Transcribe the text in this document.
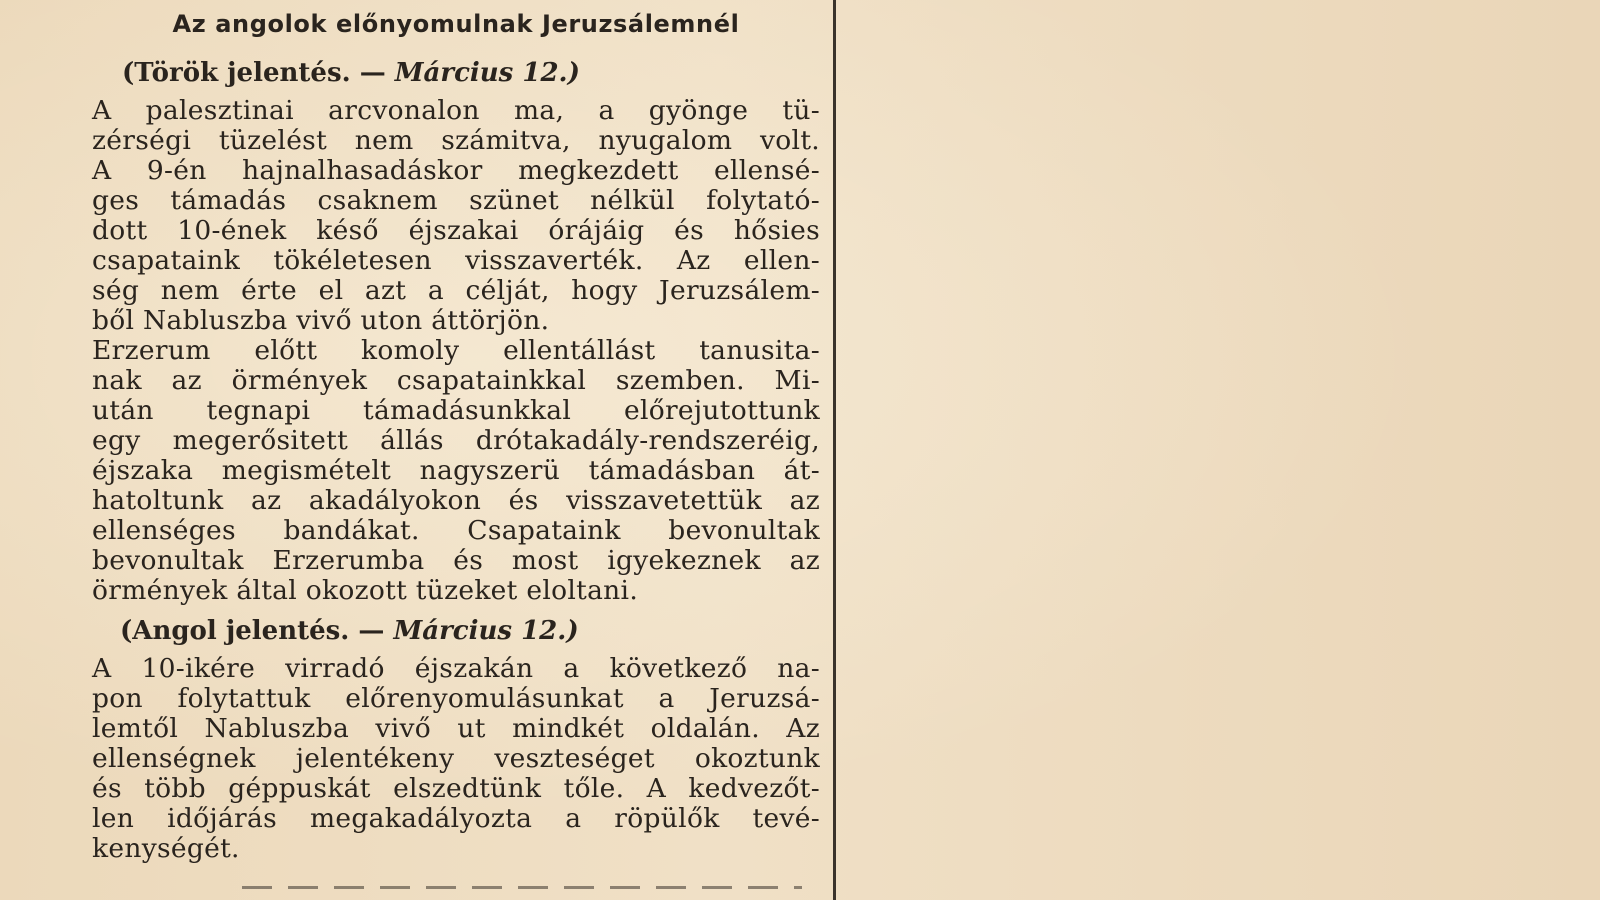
Az angolok előnyomulnak Jeruzsálemnél
(Török jelentés. — Március 12.)
A palesztinai arcvonalon ma, a gyönge tü-
zérségi tüzelést nem számitva, nyugalom volt.
A 9-én hajnalhasadáskor megkezdett ellensé-
ges támadás csaknem szünet nélkül folytató-
dott 10-ének késő éjszakai órájáig és hősies
csapataink tökéletesen visszaverték. Az ellen-
ség nem érte el azt a célját, hogy Jeruzsálem-
ből Nabluszba vivő uton áttörjön.
Erzerum előtt komoly ellentállást tanusita-
nak az örmények csapatainkkal szemben. Mi-
után tegnapi támadásunkkal előrejutottunk
egy megerősitett állás drótakadály-rendszeréig,
éjszaka megismételt nagyszerü támadásban át-
hatoltunk az akadályokon és visszavetettük az
ellenséges bandákat. Csapataink bevonultak
bevonultak Erzerumba és most igyekeznek az
örmények által okozott tüzeket eloltani.
(Angol jelentés. — Március 12.)
A 10-ikére virradó éjszakán a következő na-
pon folytattuk előrenyomulásunkat a Jeruzsá-
lemtől Nabluszba vivő ut mindkét oldalán. Az
ellenségnek jelentékeny veszteséget okoztunk
és több géppuskát elszedtünk tőle. A kedvezőt-
len időjárás megakadályozta a röpülők tevé-
kenységét.
